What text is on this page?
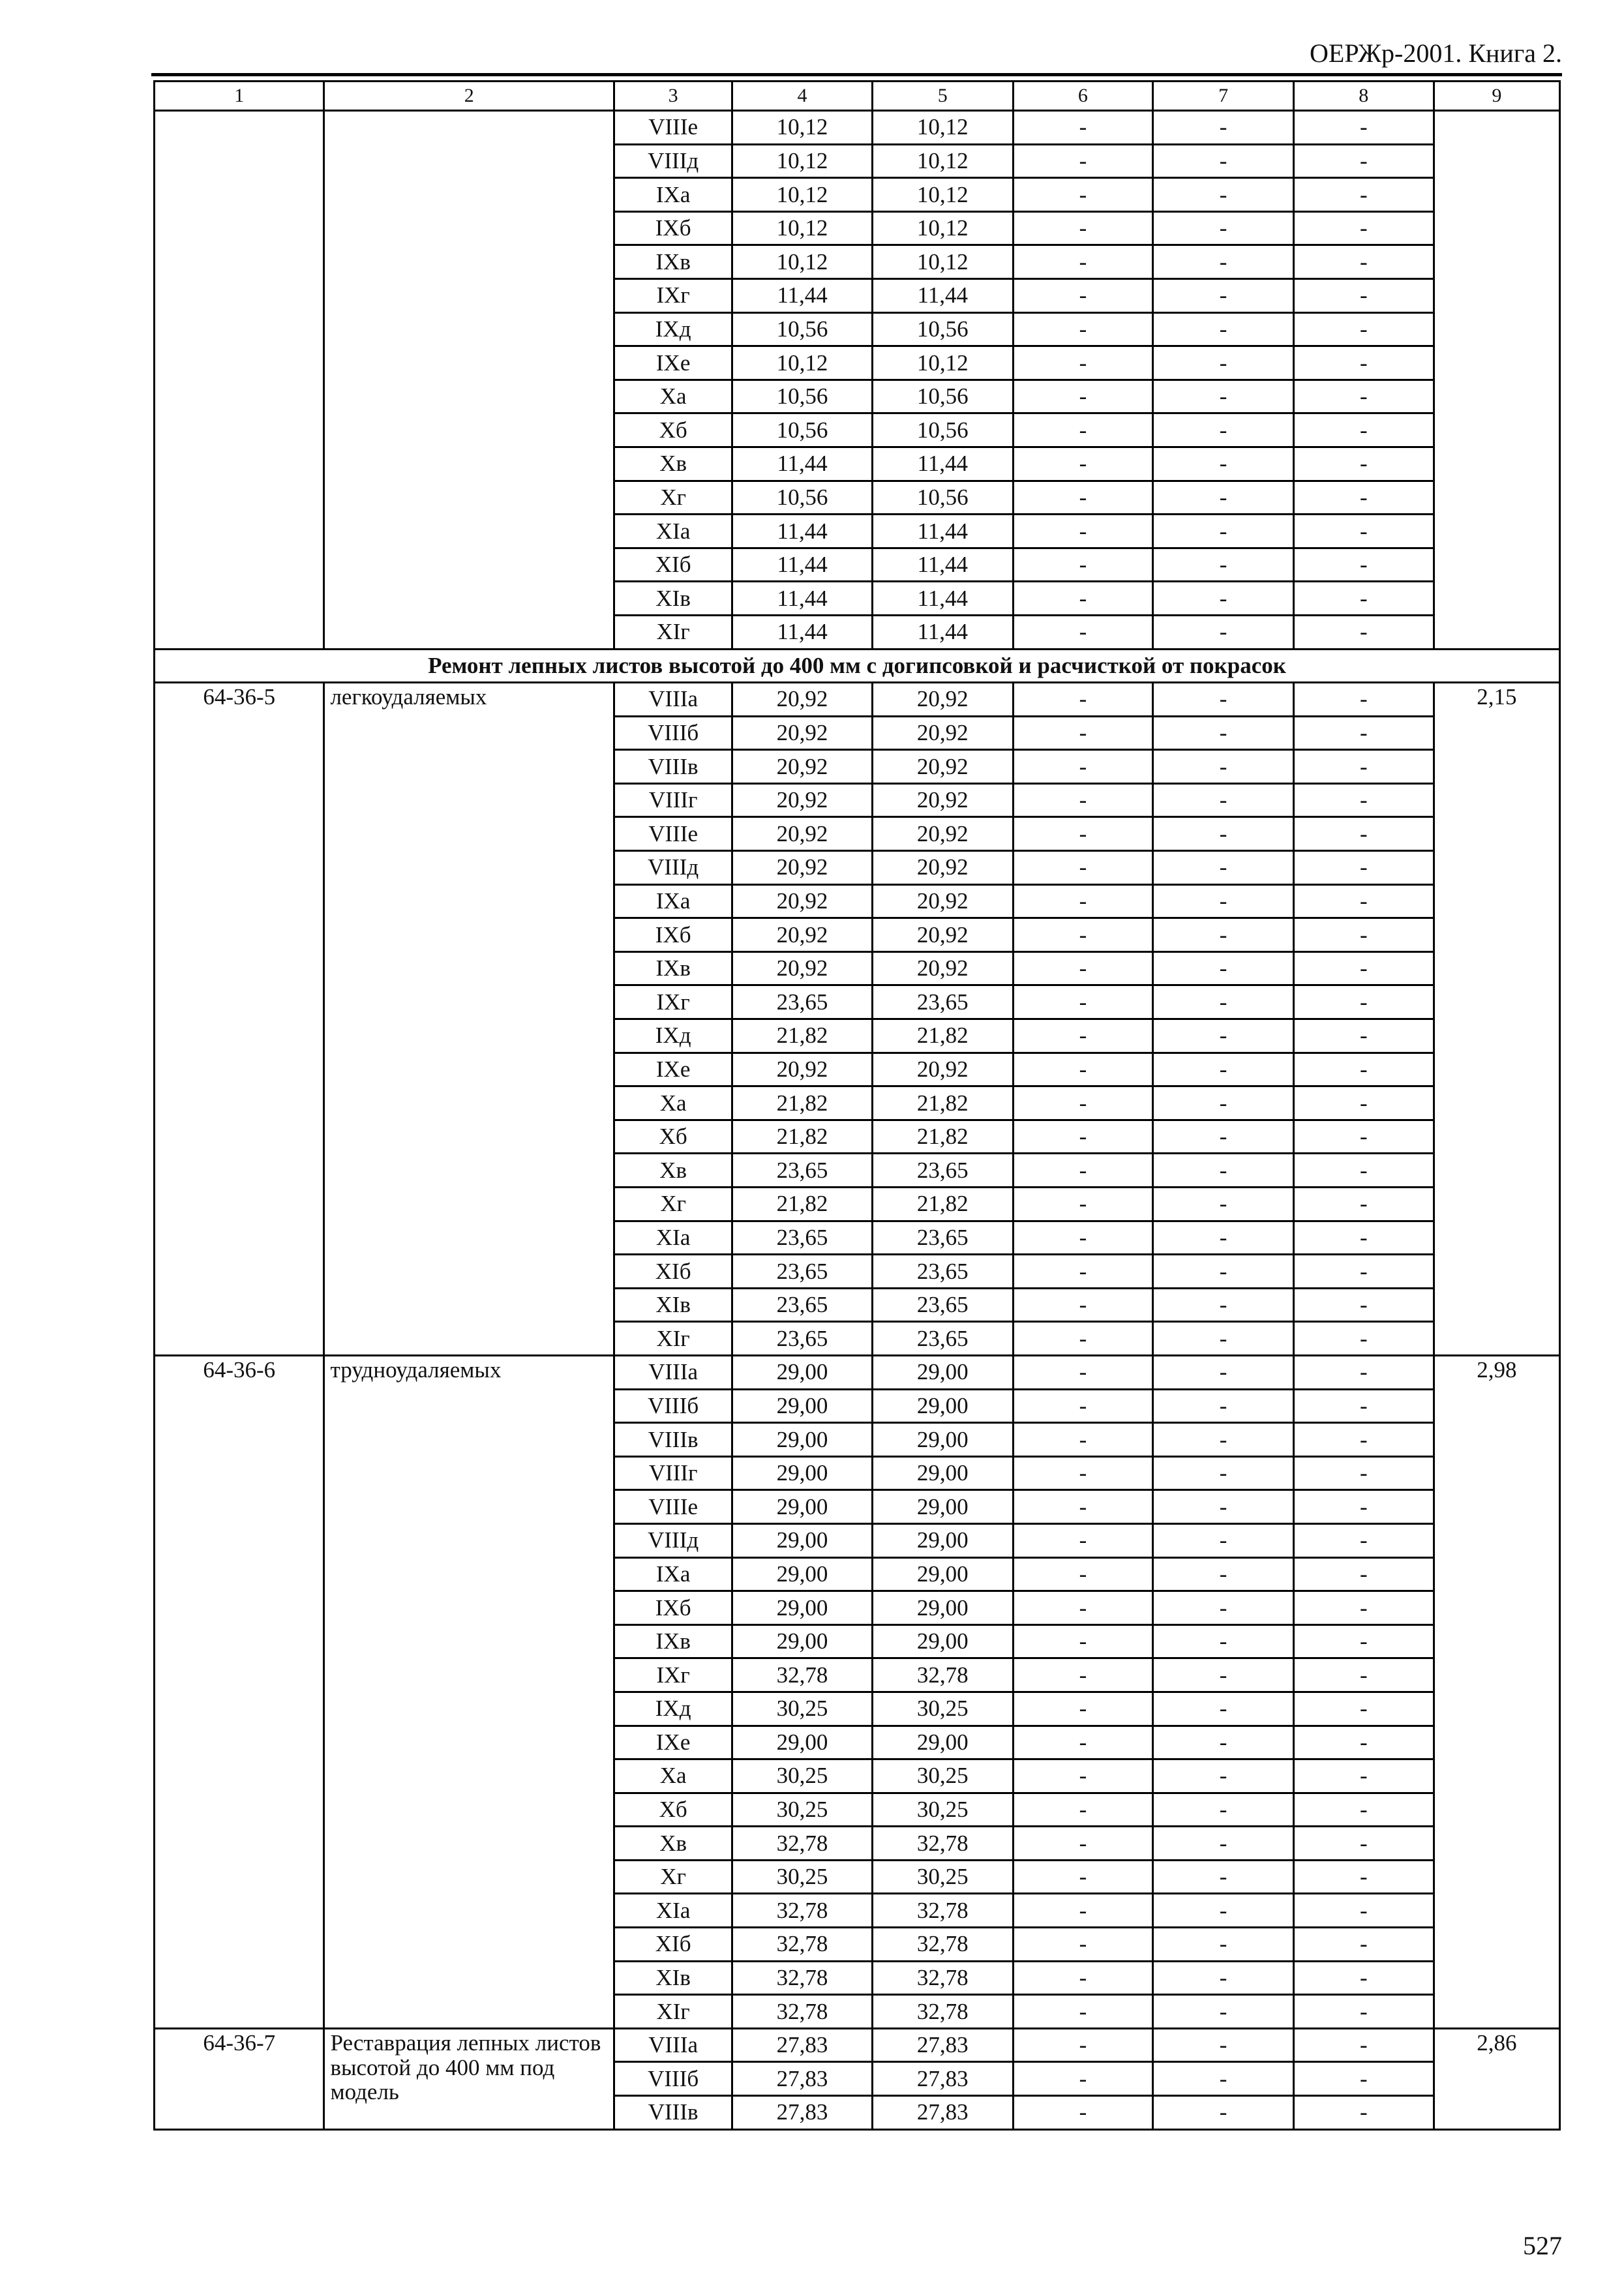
ОЕРЖр-2001. Книга 2.
1	2	3	4	5	6	7	8	9
		VIIIе	10,12	10,12	-	-	-	
		VIIIд	10,12	10,12	-	-	-	
		IXа	10,12	10,12	-	-	-	
		IXб	10,12	10,12	-	-	-	
		IXв	10,12	10,12	-	-	-	
		IXг	11,44	11,44	-	-	-	
		IXд	10,56	10,56	-	-	-	
		IXе	10,12	10,12	-	-	-	
		Xа	10,56	10,56	-	-	-	
		Xб	10,56	10,56	-	-	-	
		Xв	11,44	11,44	-	-	-	
		Xг	10,56	10,56	-	-	-	
		XIа	11,44	11,44	-	-	-	
		XIб	11,44	11,44	-	-	-	
		XIв	11,44	11,44	-	-	-	
		XIг	11,44	11,44	-	-	-	
Ремонт лепных листов высотой до 400 мм с догипсовкой и расчисткой от покрасок								
64-36-5	легкоудаляемых	VIIIа	20,92	20,92	-	-	-	2,15
		VIIIб	20,92	20,92	-	-	-	
		VIIIв	20,92	20,92	-	-	-	
		VIIIг	20,92	20,92	-	-	-	
		VIIIе	20,92	20,92	-	-	-	
		VIIIд	20,92	20,92	-	-	-	
		IXа	20,92	20,92	-	-	-	
		IXб	20,92	20,92	-	-	-	
		IXв	20,92	20,92	-	-	-	
		IXг	23,65	23,65	-	-	-	
		IXд	21,82	21,82	-	-	-	
		IXе	20,92	20,92	-	-	-	
		Xа	21,82	21,82	-	-	-	
		Xб	21,82	21,82	-	-	-	
		Xв	23,65	23,65	-	-	-	
		Xг	21,82	21,82	-	-	-	
		XIа	23,65	23,65	-	-	-	
		XIб	23,65	23,65	-	-	-	
		XIв	23,65	23,65	-	-	-	
		XIг	23,65	23,65	-	-	-	
64-36-6	трудноудаляемых	VIIIа	29,00	29,00	-	-	-	2,98
		VIIIб	29,00	29,00	-	-	-	
		VIIIв	29,00	29,00	-	-	-	
		VIIIг	29,00	29,00	-	-	-	
		VIIIе	29,00	29,00	-	-	-	
		VIIIд	29,00	29,00	-	-	-	
		IXа	29,00	29,00	-	-	-	
		IXб	29,00	29,00	-	-	-	
		IXв	29,00	29,00	-	-	-	
		IXг	32,78	32,78	-	-	-	
		IXд	30,25	30,25	-	-	-	
		IXе	29,00	29,00	-	-	-	
		Xа	30,25	30,25	-	-	-	
		Xб	30,25	30,25	-	-	-	
		Xв	32,78	32,78	-	-	-	
		Xг	30,25	30,25	-	-	-	
		XIа	32,78	32,78	-	-	-	
		XIб	32,78	32,78	-	-	-	
		XIв	32,78	32,78	-	-	-	
		XIг	32,78	32,78	-	-	-	
64-36-7	Реставрация лепных листов высотой до 400 мм под модель	VIIIа	27,83	27,83	-	-	-	2,86
		VIIIб	27,83	27,83	-	-	-	
		VIIIв	27,83	27,83	-	-	-	
527
